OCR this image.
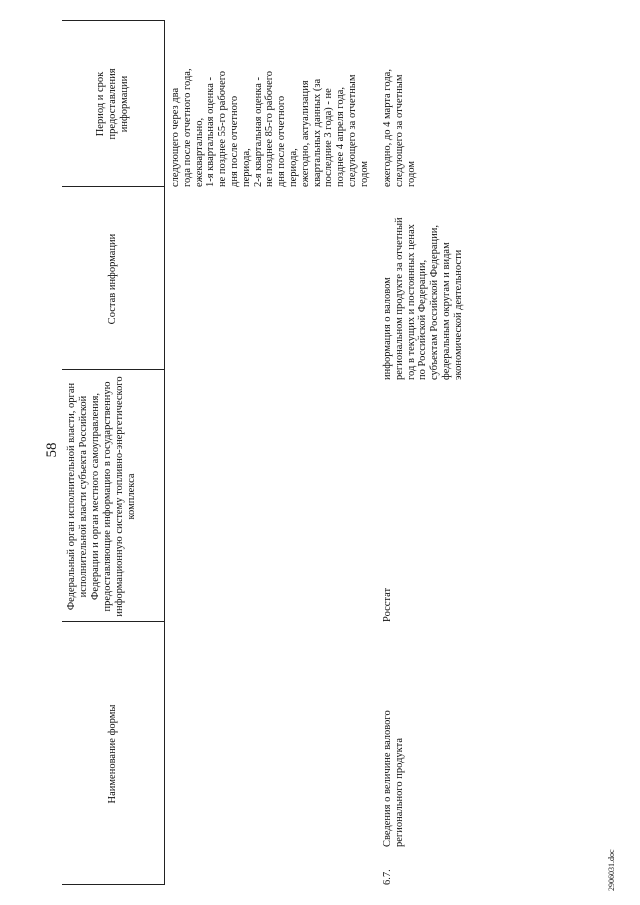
58
Наименование формы
Федеральный орган исполнительной власти, орган исполнительной власти субъекта Российской Федерации и орган местного самоуправления, предоставляющие информацию в государственную информационную систему топливно-энергетического комплекса
Состав информации
Период и срок предоставления информации
следующего через два
года после отчетного года,
ежеквартально,
1-я квартальная оценка -
не позднее 55-го рабочего
дня после отчетного
периода,
2-я квартальная оценка -
не позднее 85-го рабочего
дня после отчетного
периода,
ежегодно, актуализация
квартальных данных (за
последние 3 года) - не
позднее 4 апреля года,
следующего за отчетным
годом
6.7.
Сведения о величине валового
регионального продукта
Росстат
информация о валовом
региональном продукте за отчетный
год в текущих и постоянных ценах
по Российской Федерации,
субъектам Российской Федерации,
федеральным округам и видам
экономической деятельности
ежегодно, до 4 марта года,
следующего за отчетным
годом
2906031.doc
